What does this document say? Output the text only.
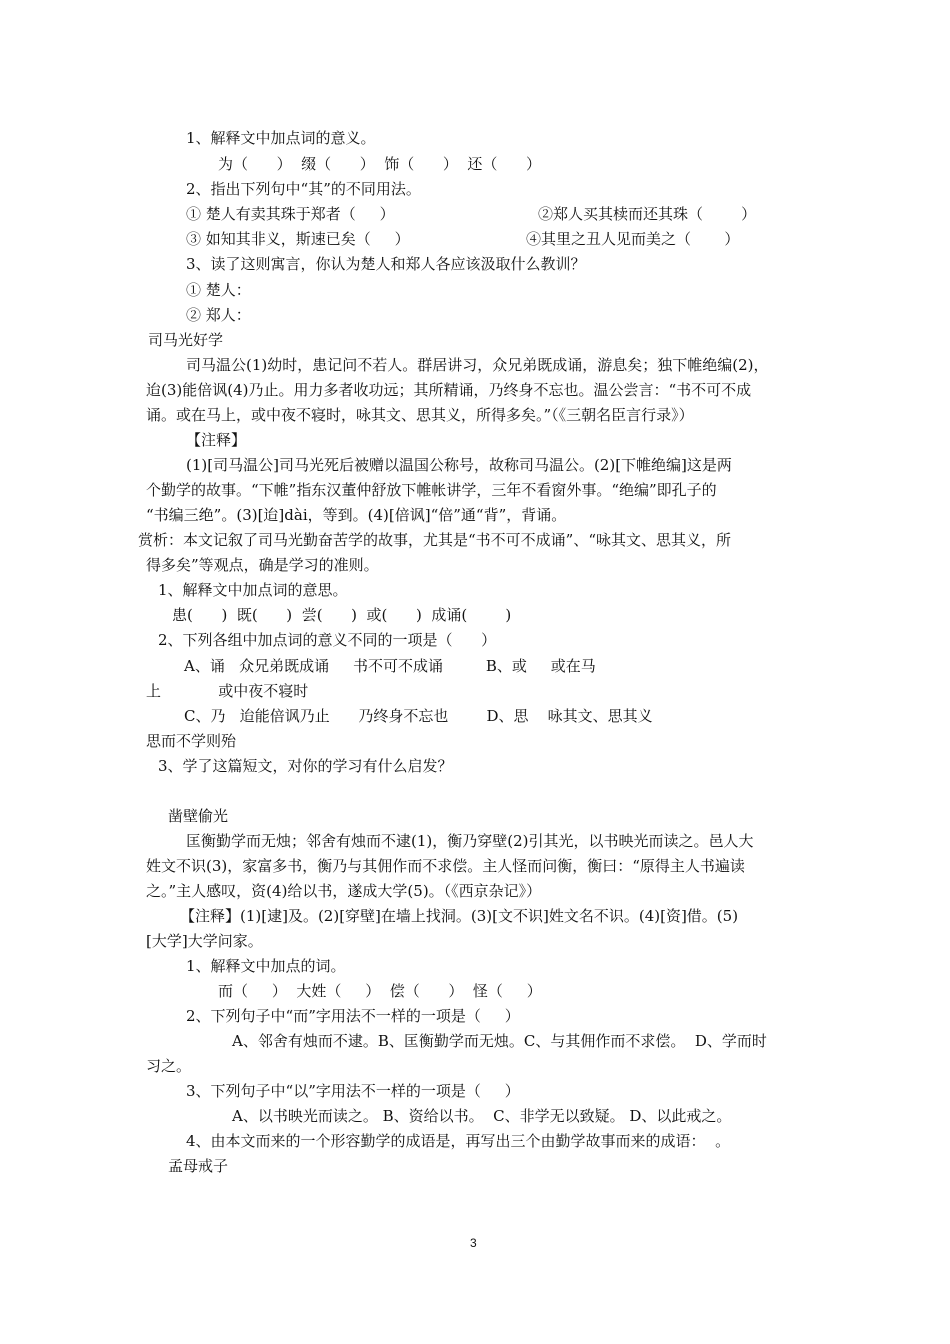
1、解释文中加点词的意义。
为（      ）  缀（      ）  饰（      ）  还（      ）
2、指出下列句中“其”的不同用法。
① 楚人有卖其珠于郑者（     ）	②郑人买其椟而还其珠（        ）
③ 如知其非义，斯速已矣（     ）	④其里之丑人见而美之（       ）
3、读了这则寓言，你认为楚人和郑人各应该汲取什么教训？
① 楚人：
② 郑人：
司马光好学
司马温公(1)幼时，患记问不若人。群居讲习，众兄弟既成诵，游息矣；独下帷绝编(2)，
迨(3)能倍讽(4)乃止。用力多者收功远；其所精诵，乃终身不忘也。温公尝言：“书不可不成
诵。或在马上，或中夜不寝时，咏其文、思其义，所得多矣。”（《三朝名臣言行录》）
【注释】
(1)[司马温公]司马光死后被赠以温国公称号，故称司马温公。(2)[下帷绝编]这是两
个勤学的故事。“下帷”指东汉董仲舒放下帷帐讲学，三年不看窗外事。“绝编”即孔子的
“书编三绝”。(3)[迨]dài，等到。(4)[倍讽]“倍”通“背”，背诵。
赏析：本文记叙了司马光勤奋苦学的故事，尤其是“书不可不成诵”、“咏其文、思其义，所
得多矣”等观点，确是学习的准则。
1、解释文中加点词的意思。
患(      )  既(      )  尝(      )  或(      )  成诵(        )
2、下列各组中加点词的意义不同的一项是（      ）
A、诵   众兄弟既成诵     书不可不成诵         B、或     或在马
上            或中夜不寝时
C、乃   迨能倍讽乃止      乃终身不忘也        D、思    咏其文、思其义
思而不学则殆
3、学了这篇短文，对你的学习有什么启发？
凿壁偷光
匡衡勤学而无烛；邻舍有烛而不逮(1)，衡乃穿壁(2)引其光，以书映光而读之。邑人大
姓文不识(3)，家富多书，衡乃与其佣作而不求偿。主人怪而问衡，衡曰：“原得主人书遍读
之。”主人感叹，资(4)给以书，遂成大学(5)。（《西京杂记》）
【注释】(1)[逮]及。(2)[穿壁]在墙上找洞。(3)[文不识]姓文名不识。(4)[资]借。(5)
[大学]大学问家。
1、解释文中加点的词。
而（     ）  大姓（     ）  偿（      ）  怪（     ）
2、下列句子中“而”字用法不一样的一项是（     ）
A、邻舍有烛而不逮。B、匡衡勤学而无烛。C、与其佣作而不求偿。  D、学而时
习之。
3、下列句子中“以”字用法不一样的一项是（     ）
A、以书映光而读之。 B、资给以书。  C、非学无以致疑。 D、以此戒之。
4、由本文而来的一个形容勤学的成语是，再写出三个由勤学故事而来的成语：  。
孟母戒子
3
